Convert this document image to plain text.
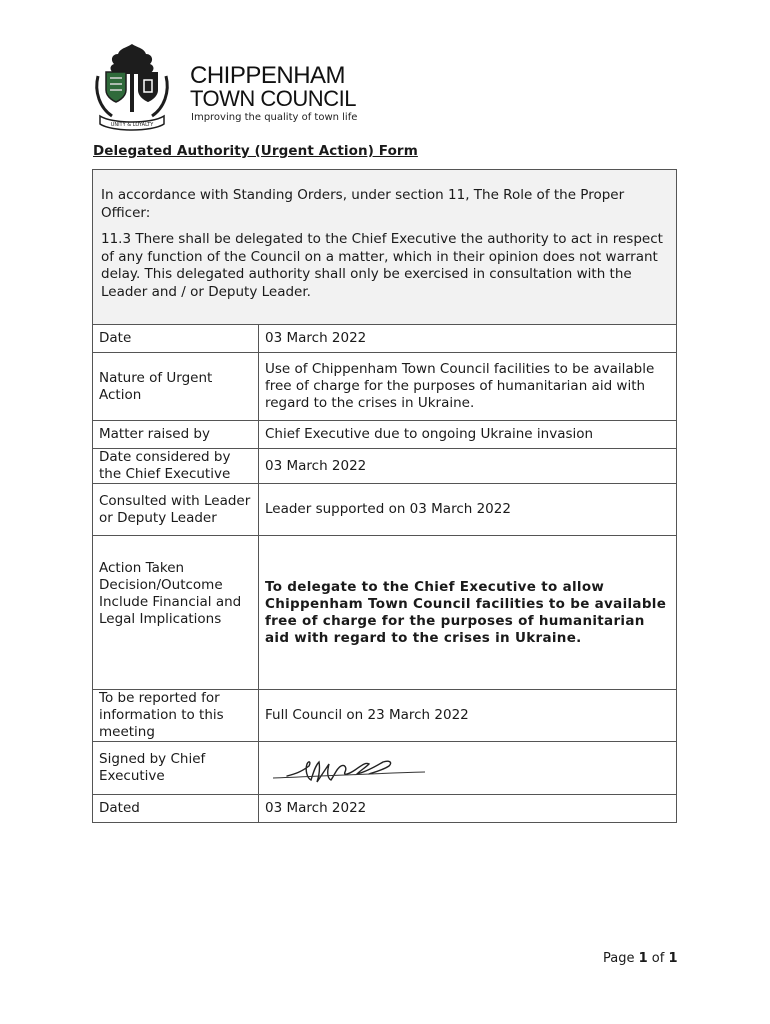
UNITY & LOYALTY
CHIPPENHAM
TOWN COUNCIL
Improving the quality of town life
Delegated Authority (Urgent Action) Form

In accordance with Standing Orders, under section 11, The Role of the Proper Officer:

11.3 There shall be delegated to the Chief Executive the authority to act in respect of any function of the Council on a matter, which in their opinion does not warrant delay. This delegated authority shall only be exercised in consultation with the Leader and / or Deputy Leader.

Date	03 March 2022
Nature of Urgent Action	Use of Chippenham Town Council facilities to be available free of charge for the purposes of humanitarian aid with regard to the crises in Ukraine.
Matter raised by	Chief Executive due to ongoing Ukraine invasion
Date considered by the Chief Executive	03 March 2022
Consulted with Leader or Deputy Leader	Leader supported on 03 March 2022
Action Taken Decision/Outcome Include Financial and Legal Implications	To delegate to the Chief Executive to allow Chippenham Town Council facilities to be available free of charge for the purposes of humanitarian aid with regard to the crises in Ukraine.
To be reported for information to this meeting	Full Council on 23 March 2022
Signed by Chief Executive	

Dated	03 March 2022
Page 1 of 1
